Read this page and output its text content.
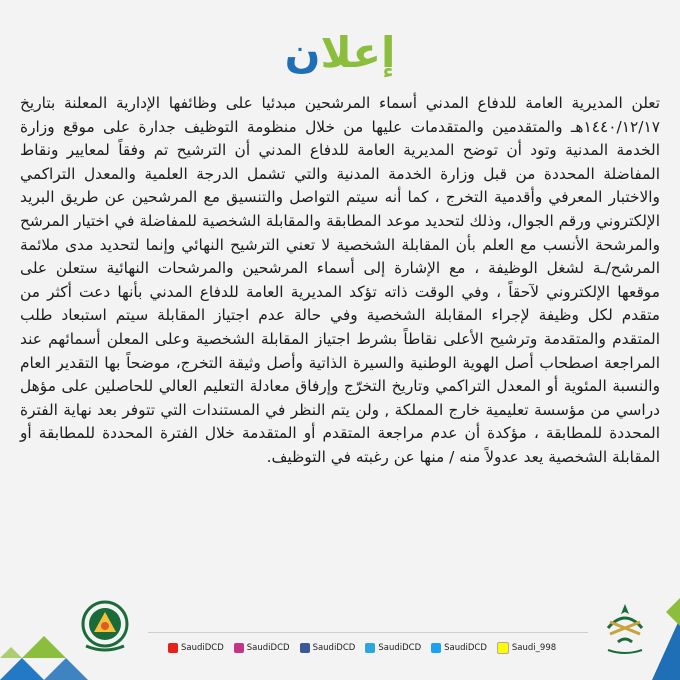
إعلان

تعلن المديرية العامة للدفاع المدني أسماء المرشحين مبدئيا على وظائفها الإدارية المعلنة بتاريخ ١٤٤٠/١٢/١٧هـ والمتقدمين والمتقدمات عليها من خلال منظومة التوظيف جدارة على موقع وزارة الخدمة المدنية وتود أن توضح المديرية العامة للدفاع المدني أن الترشيح تم وفقاً لمعايير ونقاط المفاضلة المحددة من قبل وزارة الخدمة المدنية والتي تشمل الدرجة العلمية والمعدل التراكمي والاختبار المعرفي وأقدمية التخرج ، كما أنه سيتم التواصل والتنسيق مع المرشحين عن طريق البريد الإلكتروني ورقم الجوال، وذلك لتحديد موعد المطابقة والمقابلة الشخصية للمفاضلة في اختيار المرشح والمرشحة الأنسب مع العلم بأن المقابلة الشخصية لا تعني الترشيح النهائي وإنما لتحديد مدى ملائمة المرشح/ـة لشغل الوظيفة ، مع الإشارة إلى أسماء المرشحين والمرشحات النهائية ستعلن على موقعها الإلكتروني لآحقاً ، وفي الوقت ذاته تؤكد المديرية العامة للدفاع المدني بأنها دعت أكثر من متقدم لكل وظيفة لإجراء المقابلة الشخصية وفي حالة عدم اجتياز المقابلة سيتم استبعاد طلب المتقدم والمتقدمة وترشيح الأعلى نقاطاً بشرط اجتياز المقابلة الشخصية وعلى المعلن أسمائهم عند المراجعة اصطحاب أصل الهوية الوطنية والسيرة الذاتية وأصل وثيقة التخرج، موضحاً بها التقدير العام والنسبة المئوية أو المعدل التراكمي وتاريخ التخرّج وإرفاق معادلة التعليم العالي للحاصلين على مؤهل دراسي من مؤسسة تعليمية خارج المملكة , ولن يتم النظر في المستندات التي تتوفر بعد نهاية الفترة المحددة للمطابقة ، مؤكدة أن عدم مراجعة المتقدم أو المتقدمة خلال الفترة المحددة للمطابقة أو المقابلة الشخصية يعد عدولاً منه / منها عن رغبته في التوظيف.

SaudiDCD	SaudiDCD	SaudiDCD	SaudiDCD	SaudiDCD	Saudi_998
